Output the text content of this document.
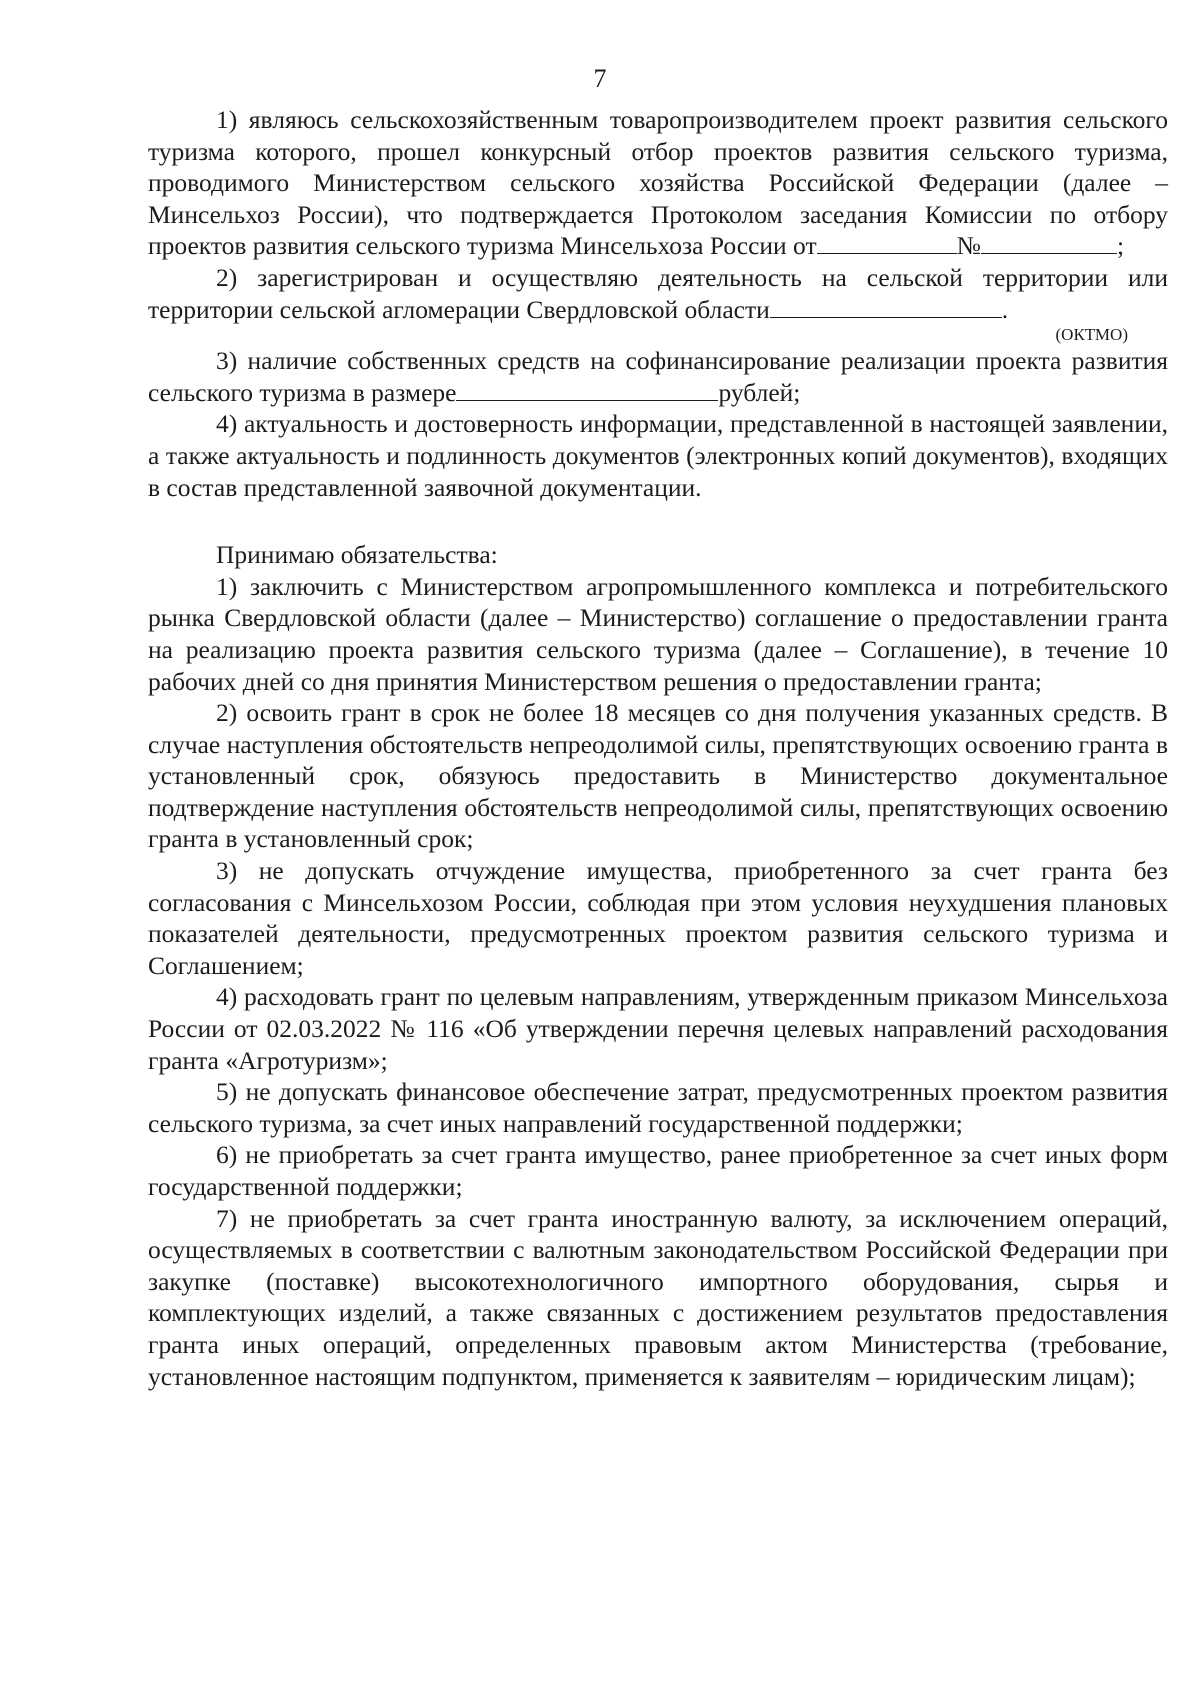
7

1) являюсь сельскохозяйственным товаропроизводителем проект развития сельского туризма которого, прошел конкурсный отбор проектов развития сельского туризма, проводимого Министерством сельского хозяйства Российской Федерации (далее – Минсельхоз России), что подтверждается Протоколом заседания Комиссии по отбору проектов развития сельского туризма Минсельхоза России от	№	;

2) зарегистрирован и осуществляю деятельность на сельской территории или территории сельской агломерации Свердловской области	.

(ОКТМО)

3) наличие собственных средств на софинансирование реализации проекта развития сельского туризма в размере	рублей;

4) актуальность и достоверность информации, представленной в настоящей заявлении, а также актуальность и подлинность документов (электронных копий документов), входящих в состав представленной заявочной документации.

Принимаю обязательства:

1) заключить с Министерством агропромышленного комплекса и потребительского рынка Свердловской области (далее – Министерство) соглашение о предоставлении гранта на реализацию проекта развития сельского туризма (далее – Соглашение), в течение 10 рабочих дней со дня принятия Министерством решения о предоставлении гранта;

2) освоить грант в срок не более 18 месяцев со дня получения указанных средств. В случае наступления обстоятельств непреодолимой силы, препятствующих освоению гранта в установленный срок, обязуюсь предоставить в Министерство документальное подтверждение наступления обстоятельств непреодолимой силы, препятствующих освоению гранта в установленный срок;

3) не допускать отчуждение имущества, приобретенного за счет гранта без согласования с Минсельхозом России, соблюдая при этом условия неухудшения плановых показателей деятельности, предусмотренных проектом развития сельского туризма и Соглашением;

4) расходовать грант по целевым направлениям, утвержденным приказом Минсельхоза России от 02.03.2022 № 116 «Об утверждении перечня целевых направлений расходования гранта «Агротуризм»;

5) не допускать финансовое обеспечение затрат, предусмотренных проектом развития сельского туризма, за счет иных направлений государственной поддержки;

6) не приобретать за счет гранта имущество, ранее приобретенное за счет иных форм государственной поддержки;

7) не приобретать за счет гранта иностранную валюту, за исключением операций, осуществляемых в соответствии с валютным законодательством Российской Федерации при закупке (поставке) высокотехнологичного импортного оборудования, сырья и комплектующих изделий, а также связанных с достижением результатов предоставления гранта иных операций, определенных правовым актом Министерства (требование, установленное настоящим подпунктом, применяется к заявителям – юридическим лицам);
